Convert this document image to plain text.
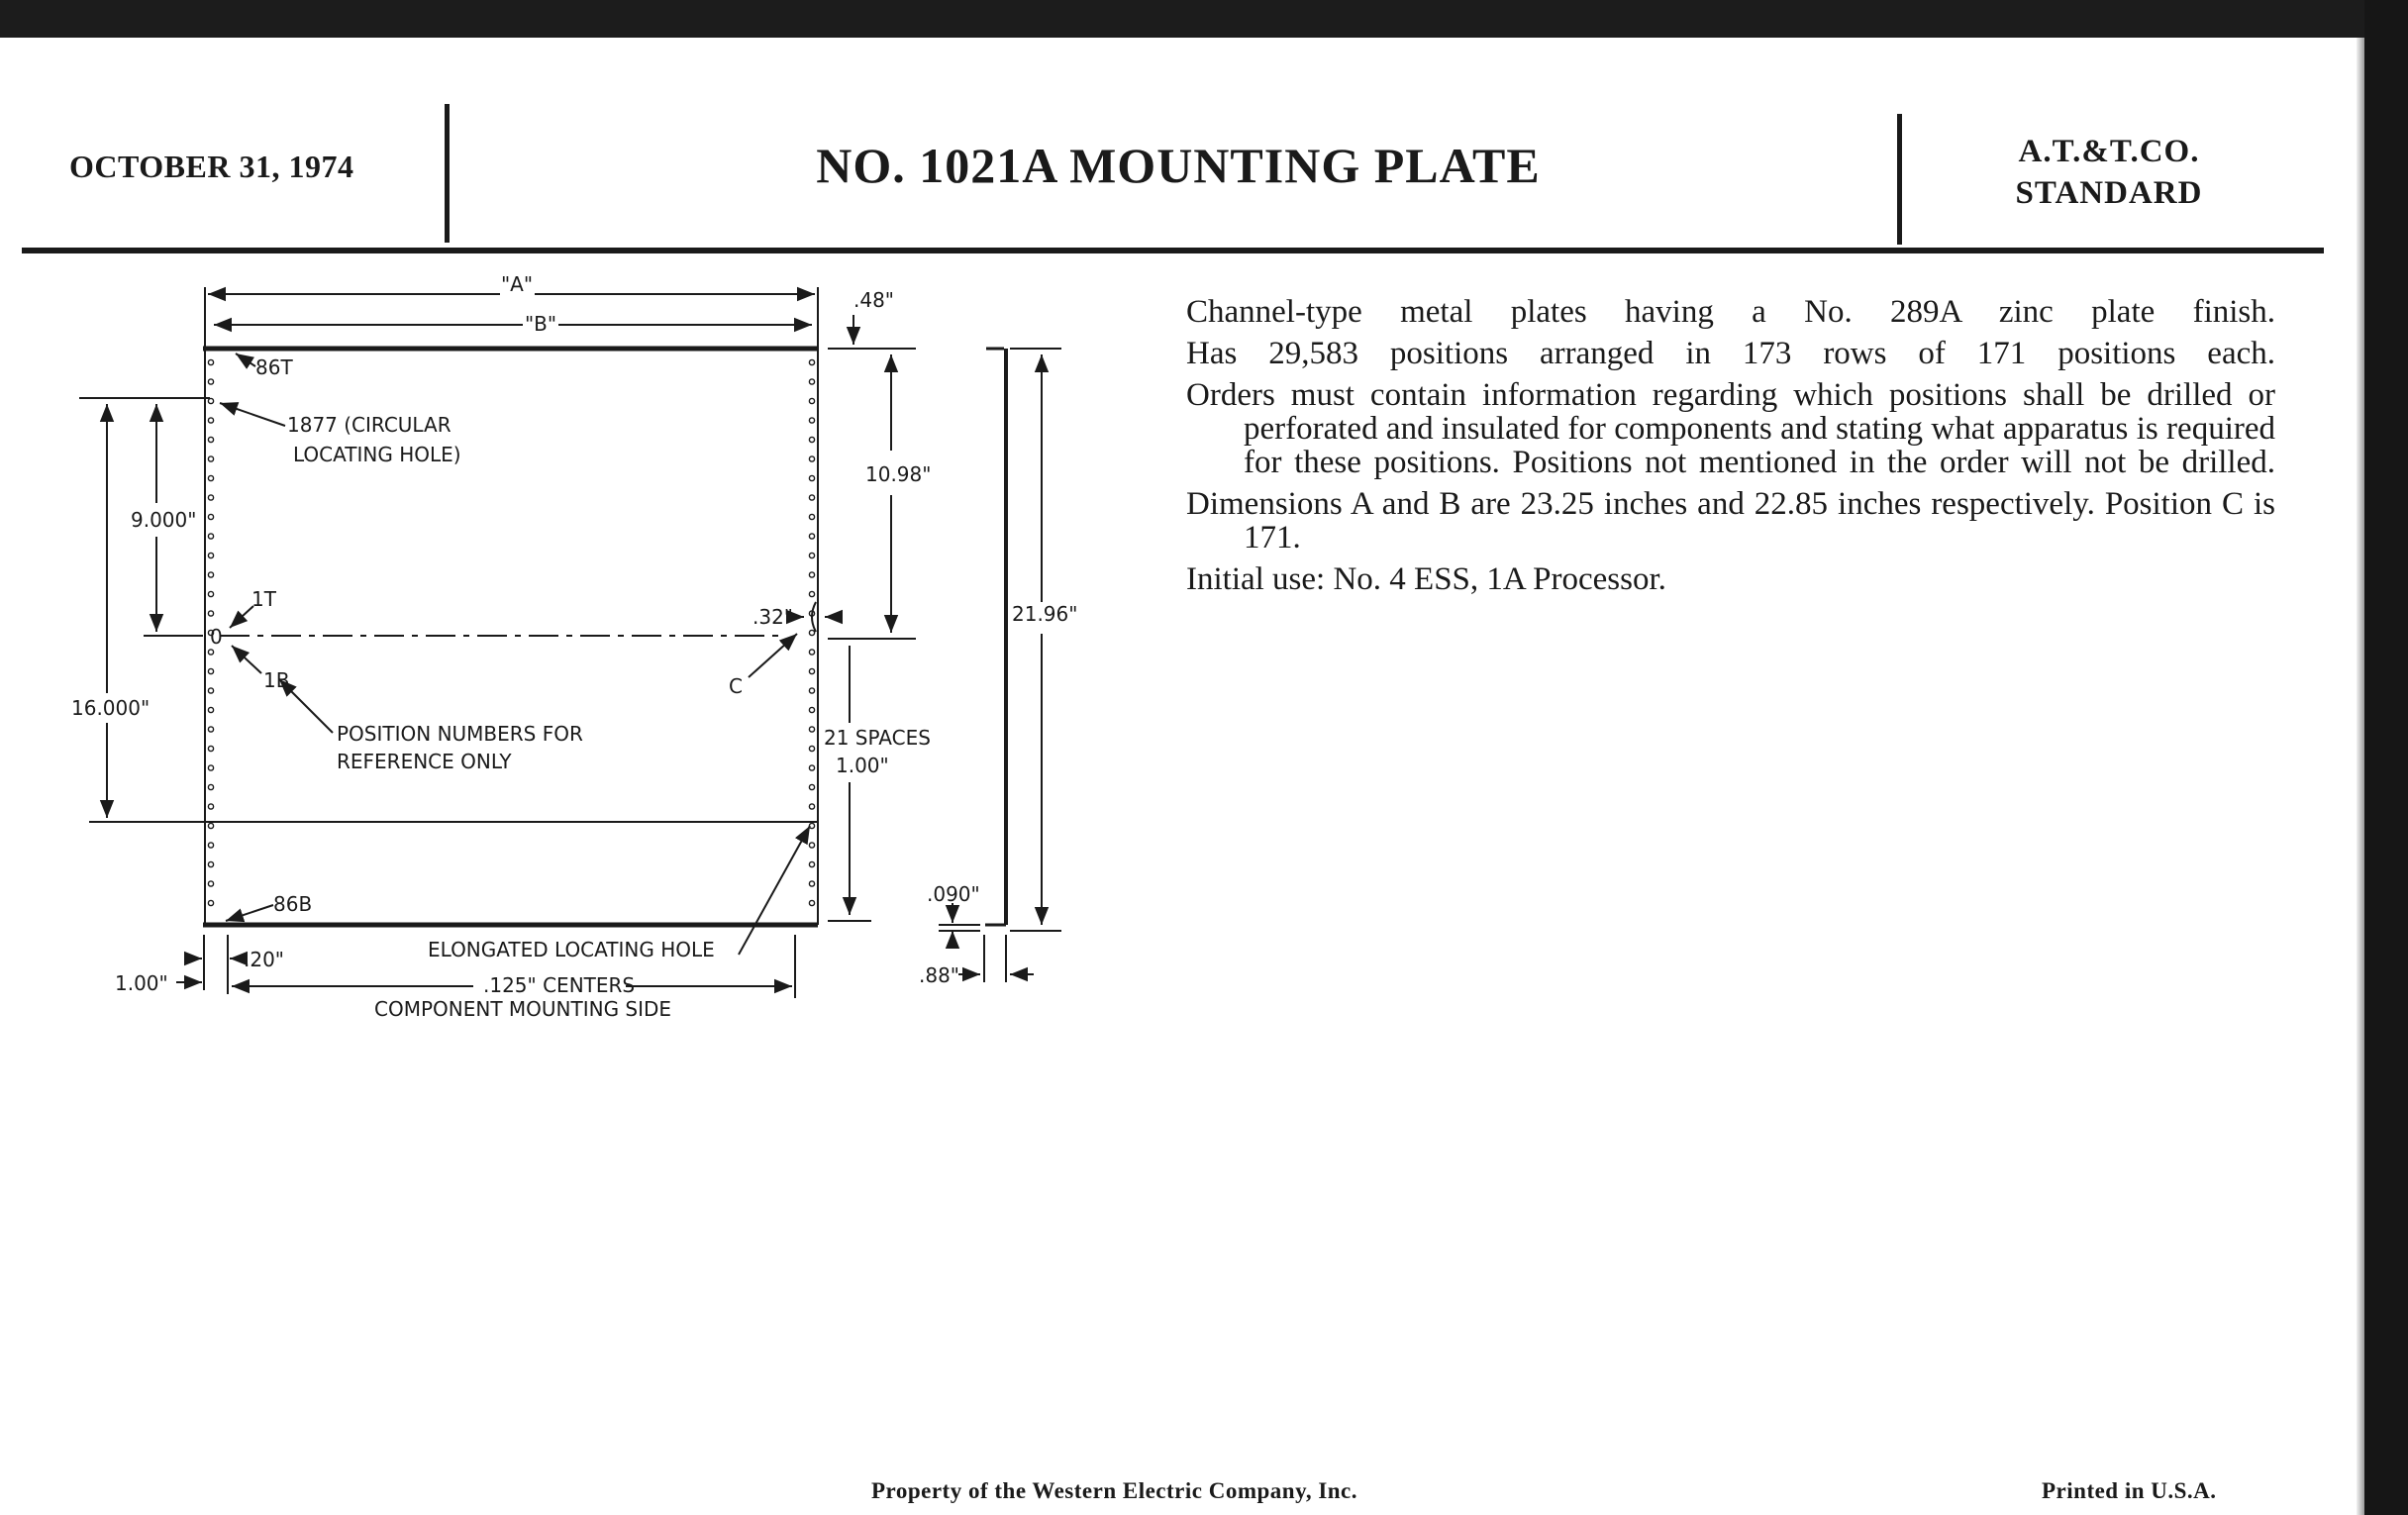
OCTOBER 31, 1974	NO. 1021A MOUNTING PLATE	A.T.&T.CO.
STANDARD
"A"
"B"
.48"
86T
1877 (CIRCULAR
LOCATING HOLE)
10.98"
9.000"
16.000"
0
1T
1B
.32"
C
21.96"
POSITION NUMBERS FOR
REFERENCE ONLY
21 SPACES
1.00"
.090"
.88"
86B
ELONGATED LOCATING HOLE
.20"
1.00"	.125" CENTERS
COMPONENT MOUNTING SIDE

Channel-type metal plates having a No. 289A zinc plate finish.

Has 29,583 positions arranged in 173 rows of 171 positions each.

Orders must contain information regarding which positions shall be drilled or perforated and insulated for components and stating what apparatus is required for these positions. Positions not mentioned in the order will not be drilled.

Dimensions A and B are 23.25 inches and 22.85 inches respectively. Position C is 171.

Initial use: No. 4 ESS, 1A Processor.

Property of the Western Electric Company, Inc.	Printed in U.S.A.
